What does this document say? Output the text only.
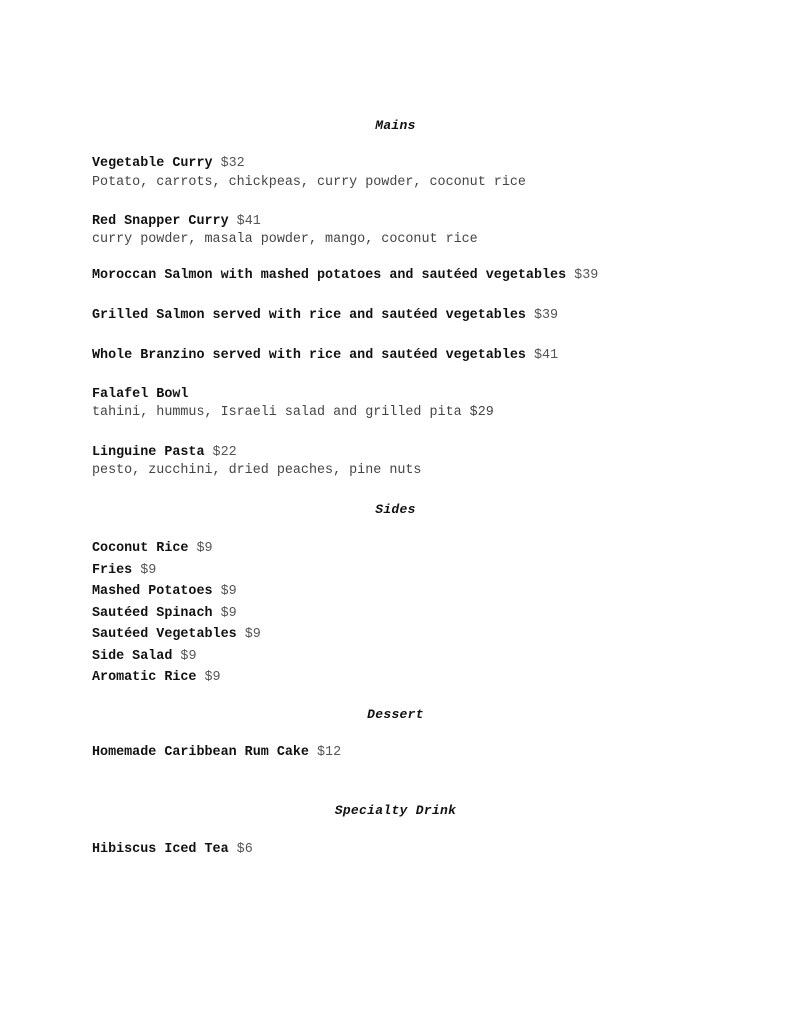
Mains
Vegetable Curry $32
Potato, carrots, chickpeas, curry powder, coconut rice
Red Snapper Curry $41
curry powder, masala powder, mango, coconut rice
Moroccan Salmon with mashed potatoes and sautéed vegetables $39
Grilled Salmon served with rice and sautéed vegetables $39
Whole Branzino served with rice and sautéed vegetables $41
Falafel Bowl
tahini, hummus, Israeli salad and grilled pita $29
Linguine Pasta $22
pesto, zucchini, dried peaches, pine nuts
Sides
Coconut Rice $9
Fries $9
Mashed Potatoes $9
Sautéed Spinach $9
Sautéed Vegetables $9
Side Salad $9
Aromatic Rice $9
Dessert
Homemade Caribbean Rum Cake $12
Specialty Drink
Hibiscus Iced Tea $6
